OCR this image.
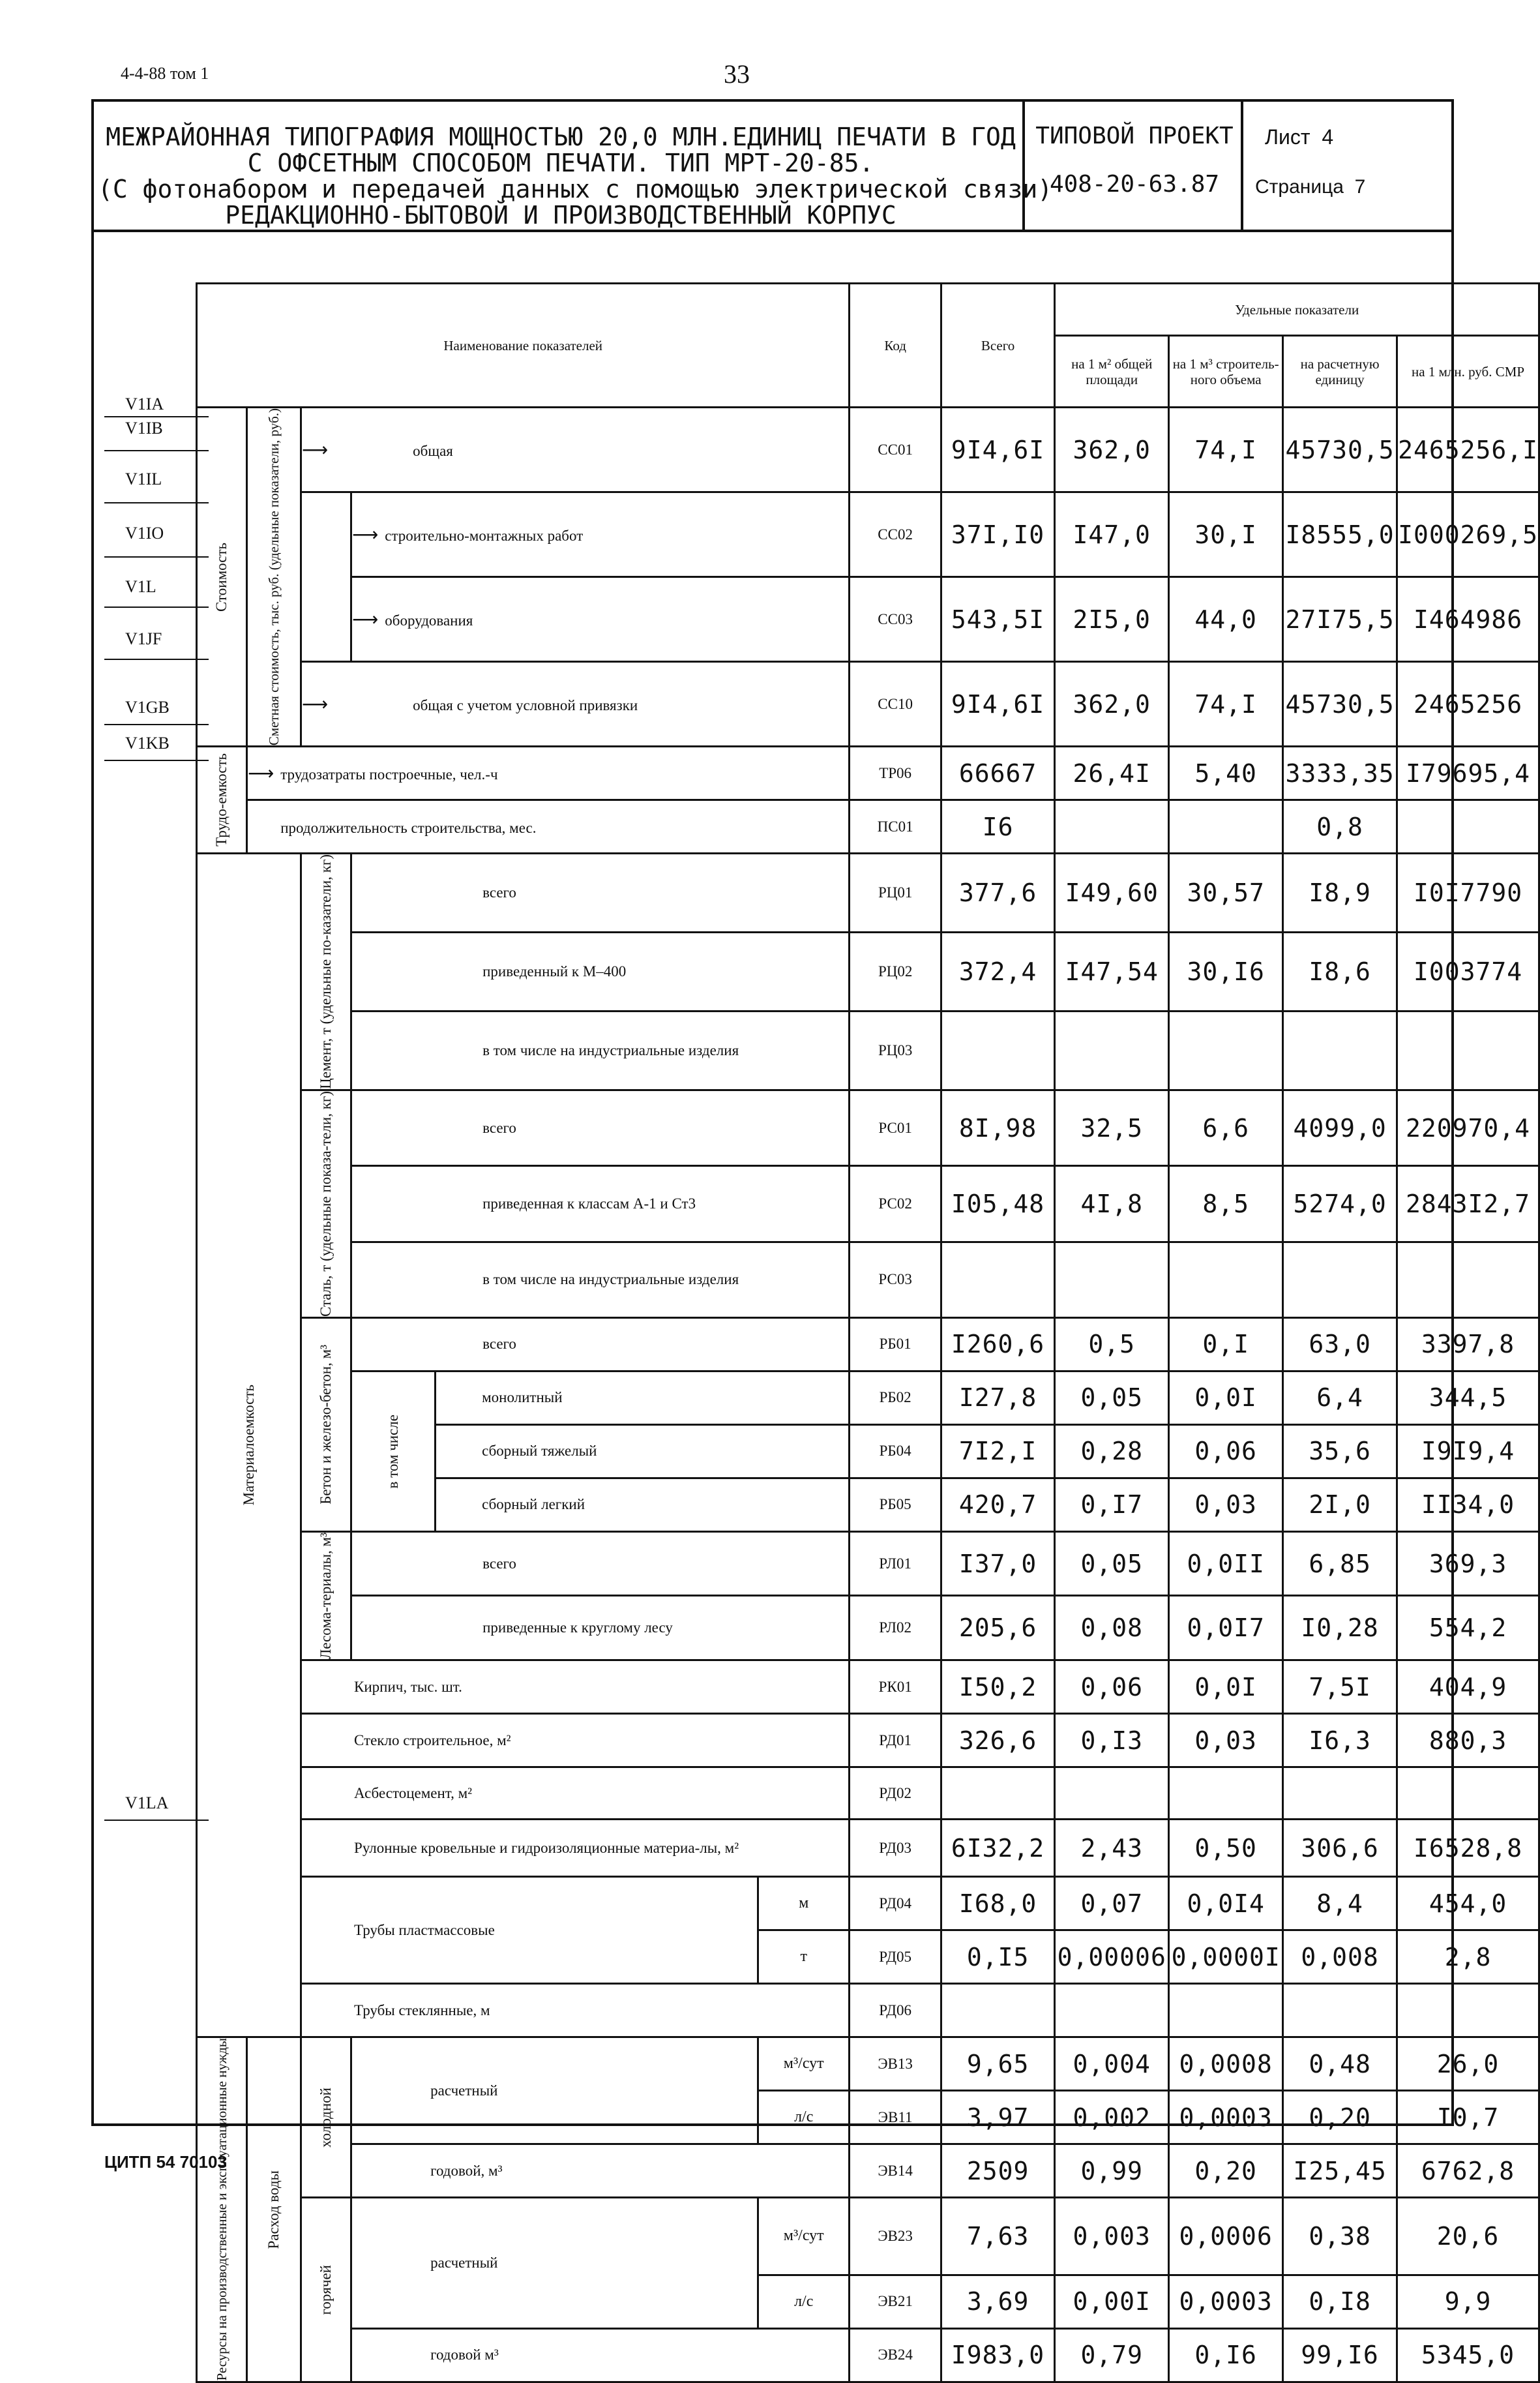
4-4-88 том 1	33
МЕЖРАЙОННАЯ ТИПОГРАФИЯ МОЩНОСТЬЮ 20,0 МЛН.ЕДИНИЦ ПЕЧАТИ В ГОД
С ОФСЕТНЫМ СПОСОБОМ ПЕЧАТИ. ТИП МРТ-20-85.
(С фотонабором и передачей данных с помощью электрической связи)
РЕДАКЦИОННО-БЫТОВОЙ И ПРОИЗВОДСТВЕННЫЙ КОРПУС
ТИПОВОЙ ПРОЕКТ
408-20-63.87
Лист 4
Страница 7
V1IA
V1IB
V1IL
V1IO
V1L
V1JF
V1GB
V1KB
V1LA
Наименование показателей						Код	Всего	Удельные показатели			
								на 1 м² общей площади	на 1 м³ строитель-ного объема	на расчетную единицу	на 1 млн. руб. СМР

Стоимость	Сметная стоимость, тыс. руб. (удельные показатели, руб.)	⟶ общая				СС01	9I4,6I	362,0	74,I	45730,5	2465256,I
			⟶ строительно-монтажных работ			СС02	37I,I0	I47,0	30,I	I8555,0	I000269,5
			⟶ оборудования			СС03	543,5I	2I5,0	44,0	27I75,5	I464986
		⟶ общая с учетом условной привязки				СС10	9I4,6I	362,0	74,I	45730,5	2465256

Трудо-емкость	⟶ трудозатраты построечные, чел.-ч					ТР06	66667	26,4I	5,40	3333,35	I79695,4
	продолжительность строительства, мес.					ПС01	I6			0,8	

Материалоемкость		Цемент, т (удельные по-казатели, кг)	всего			РЦ01	377,6	I49,60	30,57	I8,9	I0I7790
			приведенный к М–400			РЦ02	372,4	I47,54	30,I6	I8,6	I003774
			в том числе на индустриальные изделия			РЦ03					

		Сталь, т (удельные показа-тели, кг)	всего			РС01	8I,98	32,5	6,6	4099,0	220970,4
			приведенная к классам А-1 и Ст3			РС02	I05,48	4I,8	8,5	5274,0	2843I2,7
			в том числе на индустриальные изделия			РС03					

		Бетон и железо-бетон, м³	всего			РБ01	I260,6	0,5	0,I	63,0	3397,8

			в том числе	монолитный		РБ02	I27,8	0,05	0,0I	6,4	344,5
				сборный тяжелый		РБ04	7I2,I	0,28	0,06	35,6	I9I9,4
				сборный легкий		РБ05	420,7	0,I7	0,03	2I,0	II34,0

		Лесома-териалы, м³	всего			РЛ01	I37,0	0,05	0,0II	6,85	369,3
			приведенные к круглому лесу			РЛ02	205,6	0,08	0,0I7	I0,28	554,2
		Кирпич, тыс. шт.				РК01	I50,2	0,06	0,0I	7,5I	404,9
		Стекло строительное, м²				РД01	326,6	0,I3	0,03	I6,3	880,3
		Асбестоцемент, м²				РД02					
		Рулонные кровельные и гидроизоляционные материа-лы, м²				РД03	6I32,2	2,43	0,50	306,6	I6528,8
		Трубы пластмассовые			м	РД04	I68,0	0,07	0,0I4	8,4	454,0
					т	РД05	0,I5	0,00006	0,0000I	0,008	2,8
		Трубы стеклянные, м				РД06					

Ресурсы на производственные и эксплуатационные нужды	Расход воды	холодной	расчетный		м³/сут	ЭВ13	9,65	0,004	0,0008	0,48	26,0
					л/с	ЭВ11	3,97	0,002	0,0003	0,20	I0,7
			годовой, м³			ЭВ14	2509	0,99	0,20	I25,45	6762,8

		горячей	расчетный		м³/сут	ЭВ23	7,63	0,003	0,0006	0,38	20,6
					л/с	ЭВ21	3,69	0,00I	0,0003	0,I8	9,9
			годовой м³			ЭВ24	I983,0	0,79	0,I6	99,I6	5345,0
ЦИТП 54 70103
